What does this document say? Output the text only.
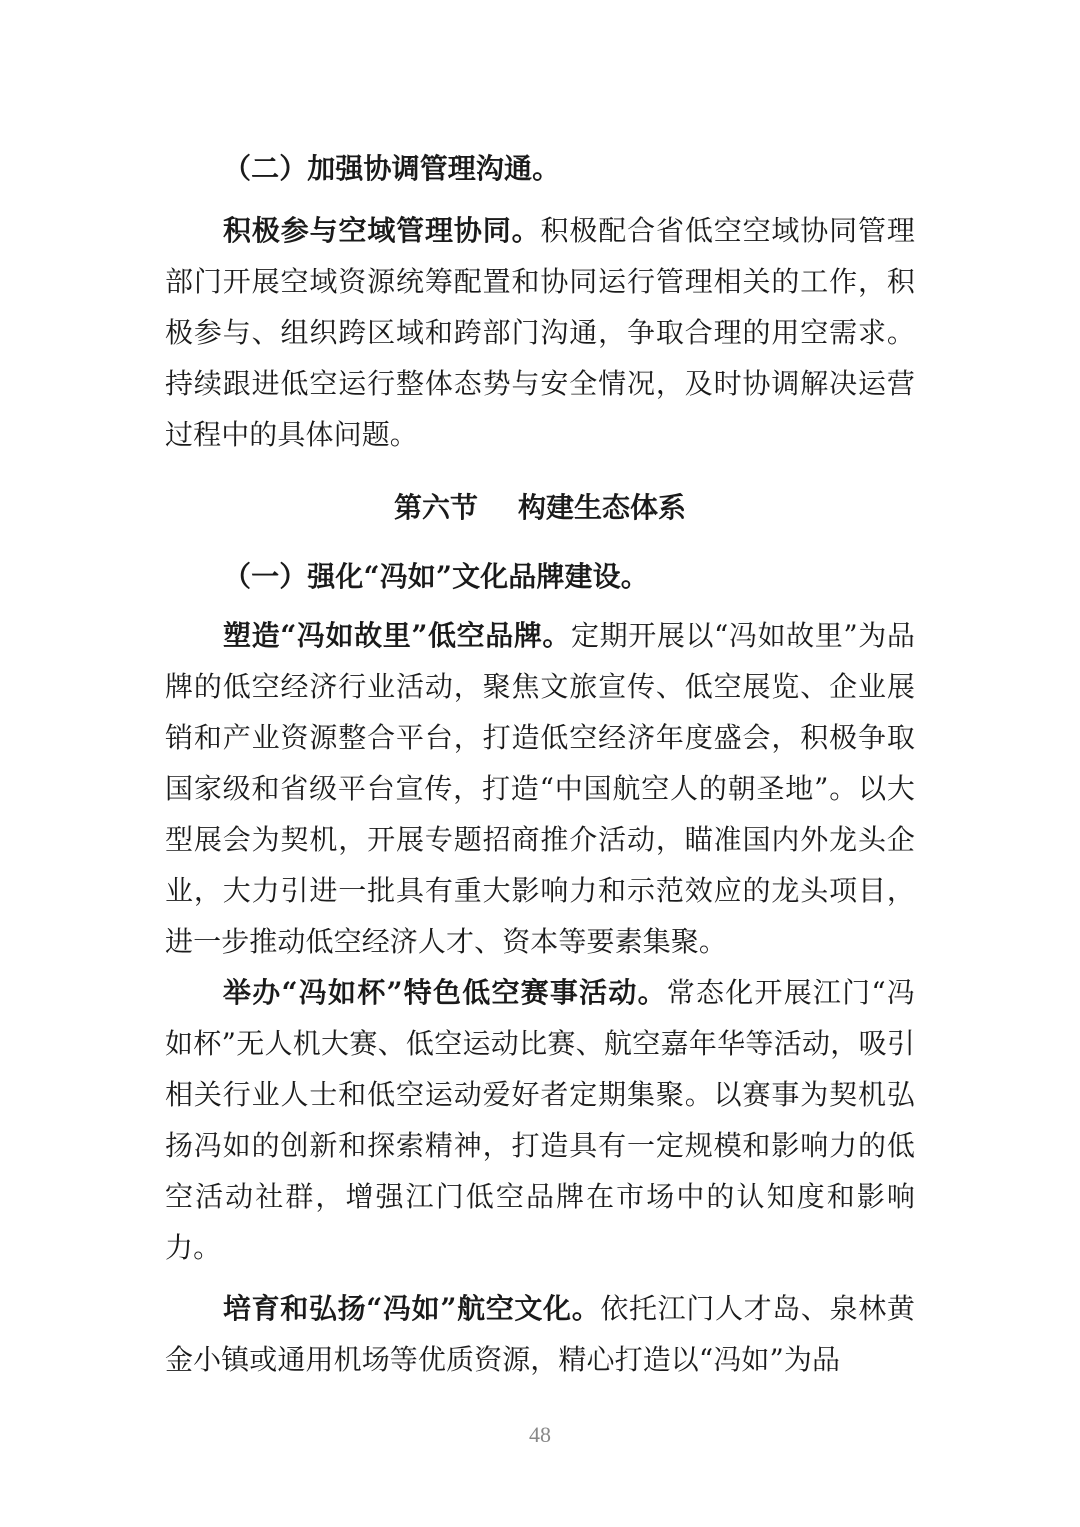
（二）加强协调管理沟通。

积极参与空域管理协同。积极配合省低空空域协同管理部门开展空域资源统筹配置和协同运行管理相关的工作，积极参与、组织跨区域和跨部门沟通，争取合理的用空需求。持续跟进低空运行整体态势与安全情况，及时协调解决运营过程中的具体问题。

第六节 构建生态体系

（一）强化“冯如”文化品牌建设。

塑造“冯如故里”低空品牌。定期开展以“冯如故里”为品牌的低空经济行业活动，聚焦文旅宣传、低空展览、企业展销和产业资源整合平台，打造低空经济年度盛会，积极争取国家级和省级平台宣传，打造“中国航空人的朝圣地”。以大型展会为契机，开展专题招商推介活动，瞄准国内外龙头企业，大力引进一批具有重大影响力和示范效应的龙头项目，进一步推动低空经济人才、资本等要素集聚。

举办“冯如杯”特色低空赛事活动。常态化开展江门“冯如杯”无人机大赛、低空运动比赛、航空嘉年华等活动，吸引相关行业人士和低空运动爱好者定期集聚。以赛事为契机弘扬冯如的创新和探索精神，打造具有一定规模和影响力的低空活动社群，增强江门低空品牌在市场中的认知度和影响力。

培育和弘扬“冯如”航空文化。依托江门人才岛、泉林黄金小镇或通用机场等优质资源，精心打造以“冯如”为品

48
